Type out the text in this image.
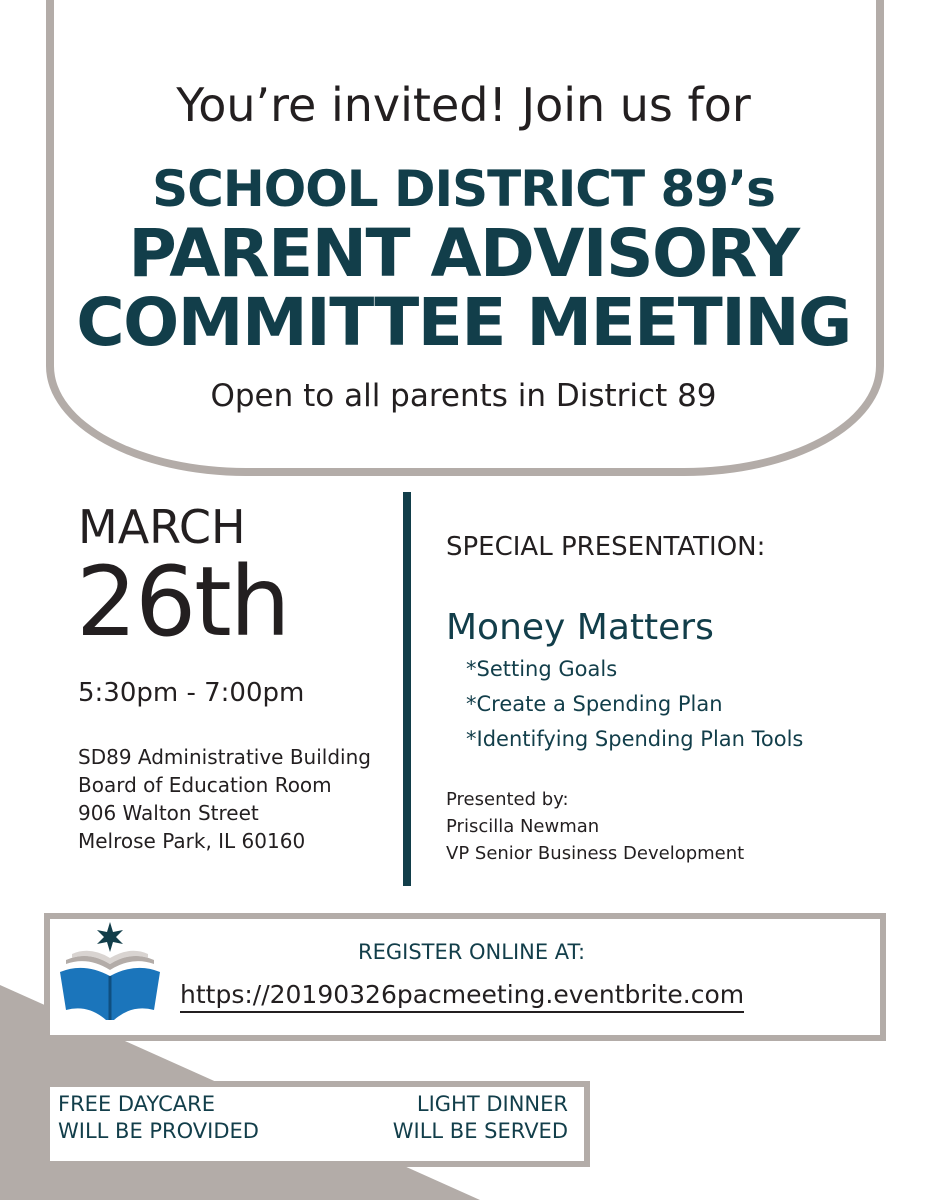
You’re invited! Join us for
SCHOOL DISTRICT 89’s
PARENT ADVISORY
COMMITTEE MEETING
Open to all parents in District 89
MARCH
26th
5:30pm - 7:00pm
SD89 Administrative Building
Board of Education Room
906 Walton Street
Melrose Park, IL 60160
SPECIAL PRESENTATION:
Money Matters
*Setting Goals
*Create a Spending Plan
*Identifying Spending Plan Tools
Presented by:
Priscilla Newman
VP Senior Business Development
REGISTER ONLINE AT:
https://20190326pacmeeting.eventbrite.com
FREE DAYCARE
WILL BE PROVIDED
LIGHT DINNER
WILL BE SERVED
